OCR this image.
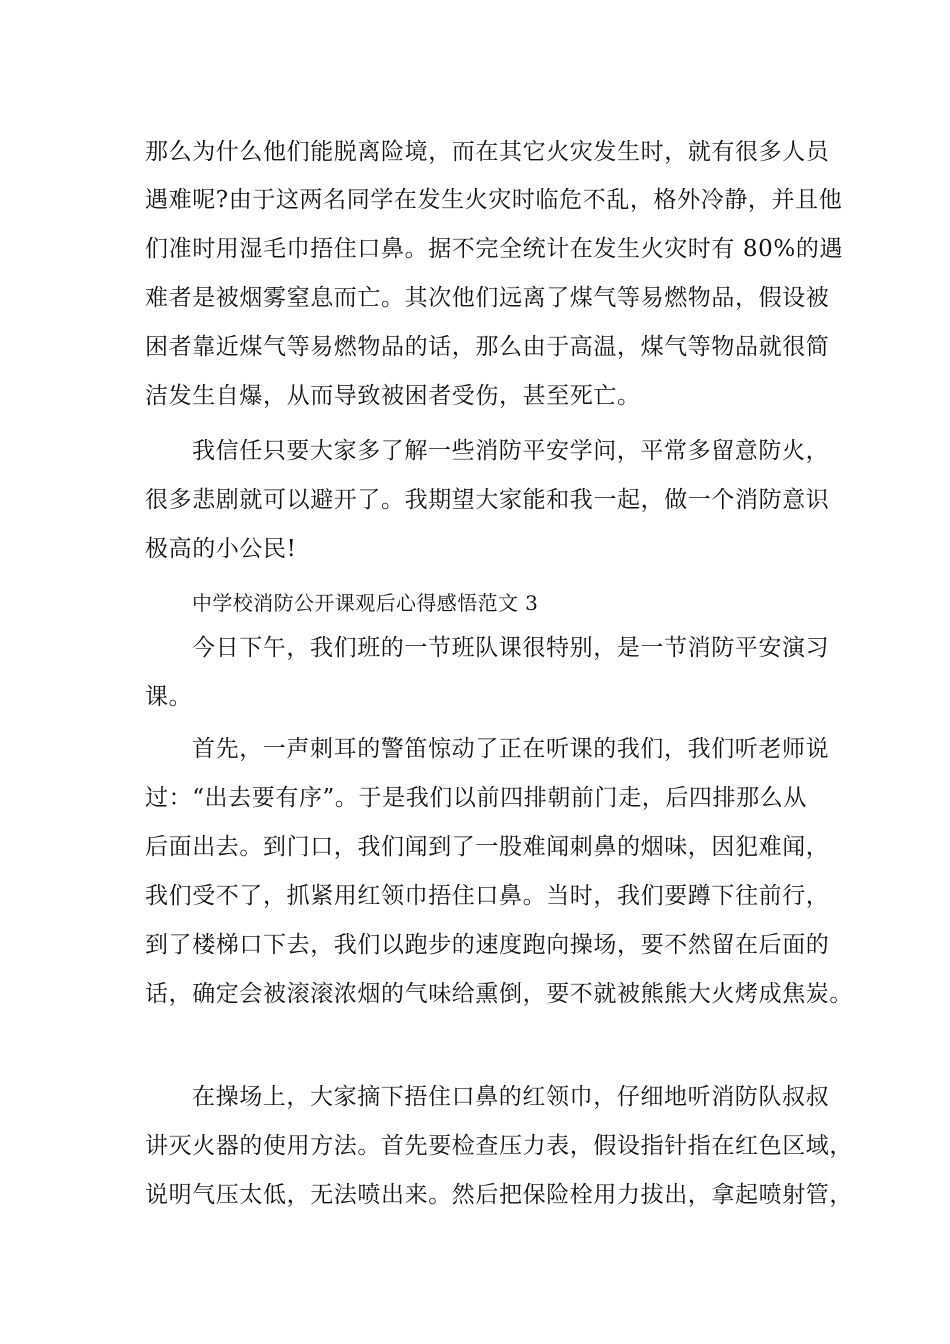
那么为什么他们能脱离险境，而在其它火灾发生时，就有很多人员
遇难呢?由于这两名同学在发生火灾时临危不乱，格外冷静，并且他
们准时用湿毛巾捂住口鼻。据不完全统计在发生火灾时有 80%的遇
难者是被烟雾窒息而亡。其次他们远离了煤气等易燃物品，假设被
困者靠近煤气等易燃物品的话，那么由于高温，煤气等物品就很简
洁发生自爆，从而导致被困者受伤，甚至死亡。
我信任只要大家多了解一些消防平安学问，平常多留意防火，
很多悲剧就可以避开了。我期望大家能和我一起，做一个消防意识
极高的小公民!
中学校消防公开课观后心得感悟范文 3
今日下午，我们班的一节班队课很特别，是一节消防平安演习
课。
首先，一声刺耳的警笛惊动了正在听课的我们，我们听老师说
过：“出去要有序”。于是我们以前四排朝前门走，后四排那么从
后面出去。到门口，我们闻到了一股难闻刺鼻的烟味，因犯难闻，
我们受不了，抓紧用红领巾捂住口鼻。当时，我们要蹲下往前行，
到了楼梯口下去，我们以跑步的速度跑向操场，要不然留在后面的
话，确定会被滚滚浓烟的气味给熏倒，要不就被熊熊大火烤成焦炭。
在操场上，大家摘下捂住口鼻的红领巾，仔细地听消防队叔叔
讲灭火器的使用方法。首先要检查压力表，假设指针指在红色区域，
说明气压太低，无法喷出来。然后把保险栓用力拔出，拿起喷射管，
